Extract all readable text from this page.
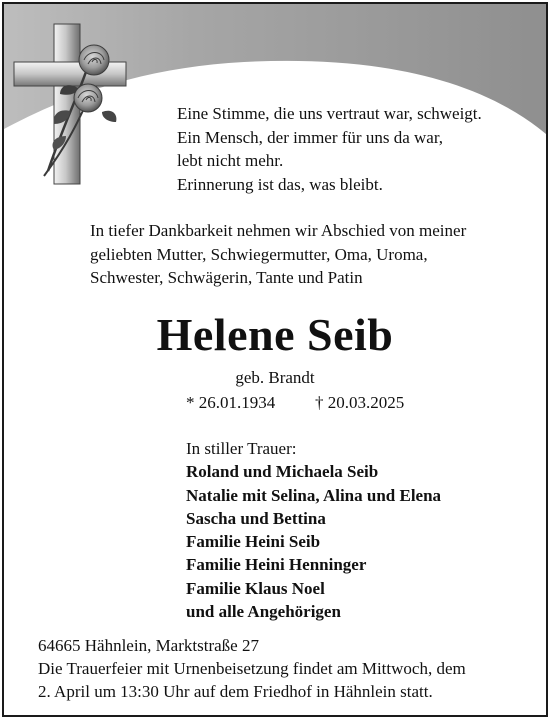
Eine Stimme, die uns vertraut war, schweigt.
Ein Mensch, der immer für uns da war,
lebt nicht mehr.
Erinnerung ist das, was bleibt.
In tiefer Dankbarkeit nehmen wir Abschied von meiner
geliebten Mutter, Schwiegermutter, Oma, Uroma,
Schwester, Schwägerin, Tante und Patin
Helene Seib
geb. Brandt
* 26.01.1934 † 20.03.2025
In stiller Trauer:
Roland und Michaela Seib
Natalie mit Selina, Alina und Elena
Sascha und Bettina
Familie Heini Seib
Familie Heini Henninger
Familie Klaus Noel
und alle Angehörigen
64665 Hähnlein, Marktstraße 27
Die Trauerfeier mit Urnenbeisetzung findet am Mittwoch, dem
2. April um 13:30 Uhr auf dem Friedhof in Hähnlein statt.
